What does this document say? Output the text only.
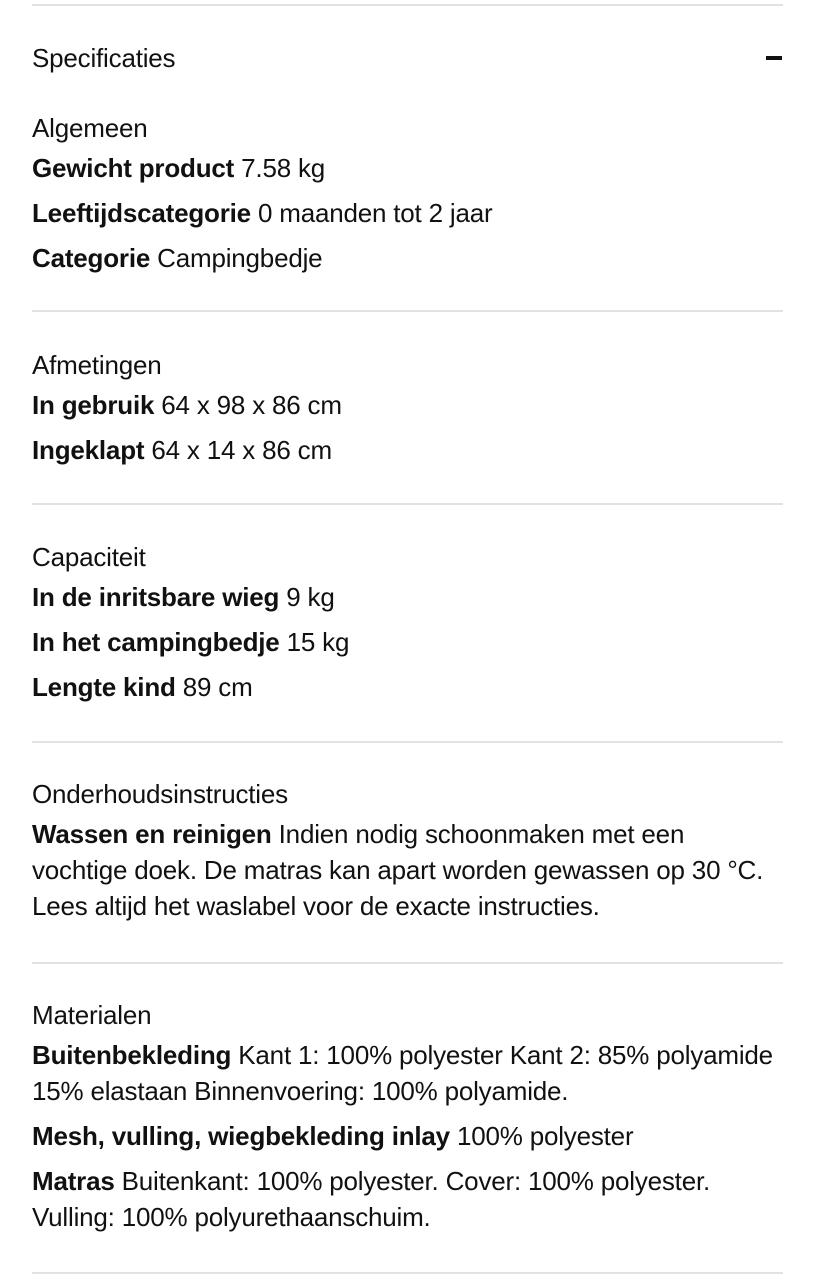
Specificaties
Algemeen
Gewicht product 7.58 kg
Leeftijdscategorie 0 maanden tot 2 jaar
Categorie Campingbedje
Afmetingen
In gebruik 64 x 98 x 86 cm
Ingeklapt 64 x 14 x 86 cm
Capaciteit
In de inritsbare wieg 9 kg
In het campingbedje 15 kg
Lengte kind 89 cm
Onderhoudsinstructies
Wassen en reinigen Indien nodig schoonmaken met een vochtige doek. De matras kan apart worden gewassen op 30 °C. Lees altijd het waslabel voor de exacte instructies.
Materialen
Buitenbekleding Kant 1: 100% polyester Kant 2: 85% polyamide 15% elastaan Binnenvoering: 100% polyamide.
Mesh, vulling, wiegbekleding inlay 100% polyester
Matras Buitenkant: 100% polyester. Cover: 100% polyester. Vulling: 100% polyurethaanschuim.
